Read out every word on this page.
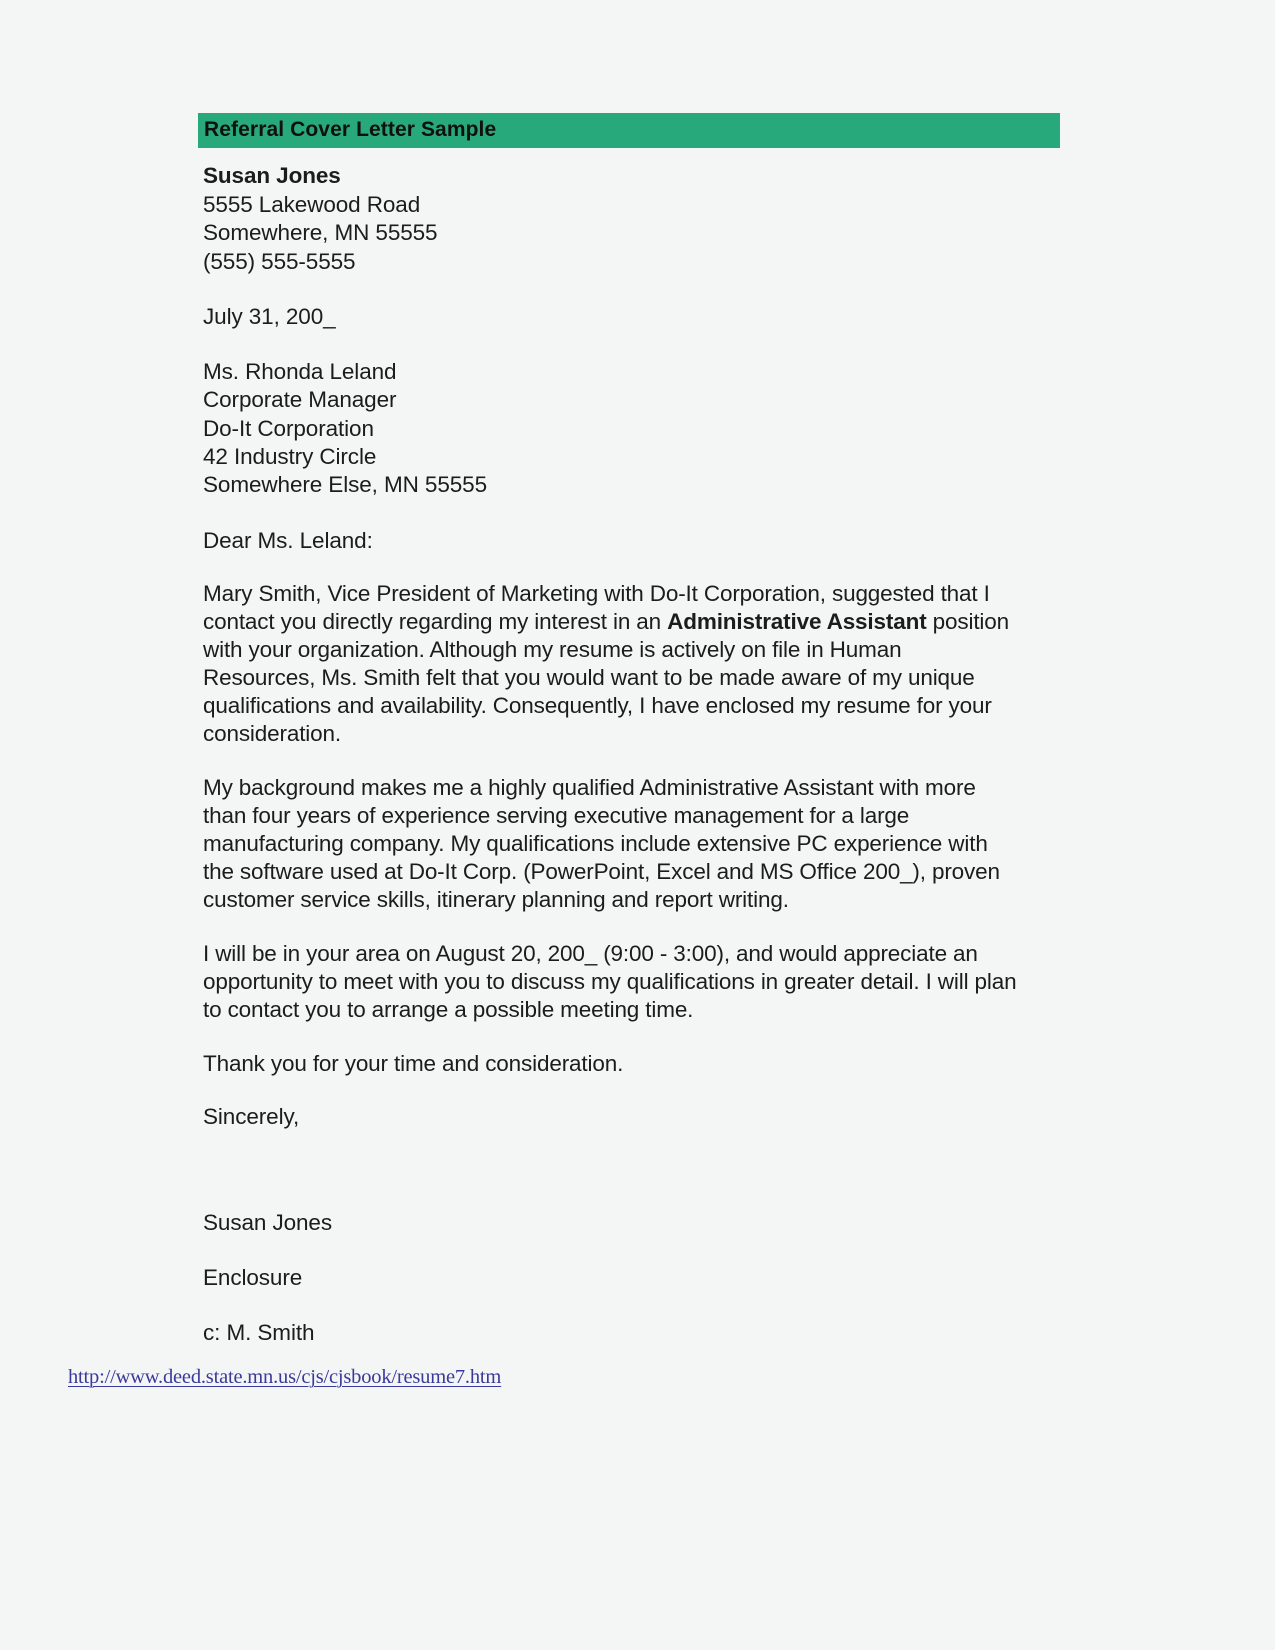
Referral Cover Letter Sample
Susan Jones
5555 Lakewood Road
Somewhere, MN 55555
(555) 555-5555
July 31, 200_
Ms. Rhonda Leland
Corporate Manager
Do-It Corporation
42 Industry Circle
Somewhere Else, MN 55555
Dear Ms. Leland:
Mary Smith, Vice President of Marketing with Do-It Corporation, suggested that I contact you directly regarding my interest in an Administrative Assistant position with your organization. Although my resume is actively on file in Human Resources, Ms. Smith felt that you would want to be made aware of my unique qualifications and availability. Consequently, I have enclosed my resume for your consideration.
My background makes me a highly qualified Administrative Assistant with more than four years of experience serving executive management for a large manufacturing company. My qualifications include extensive PC experience with the software used at Do-It Corp. (PowerPoint, Excel and MS Office 200_), proven customer service skills, itinerary planning and report writing.
I will be in your area on August 20, 200_ (9:00 - 3:00), and would appreciate an opportunity to meet with you to discuss my qualifications in greater detail. I will plan to contact you to arrange a possible meeting time.
Thank you for your time and consideration.
Sincerely,
Susan Jones
Enclosure
c: M. Smith
http://www.deed.state.mn.us/cjs/cjsbook/resume7.htm
